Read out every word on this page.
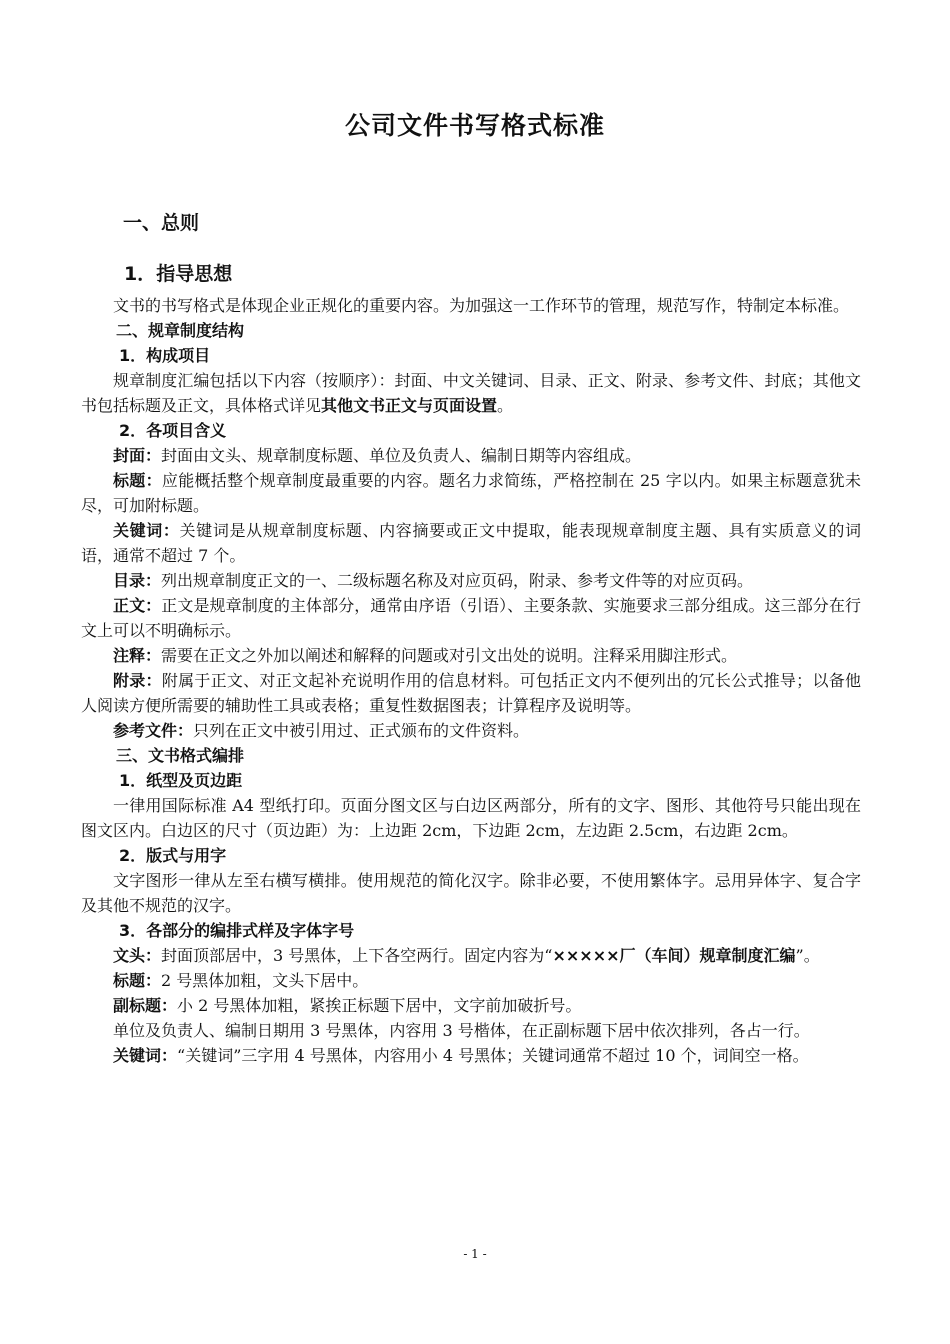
公司文件书写格式标准
一、总则
1．指导思想

文书的书写格式是体现企业正规化的重要内容。为加强这一工作环节的管理，规范写作，特制定本标准。

二、规章制度结构

1．构成项目

规章制度汇编包括以下内容（按顺序）：封面、中文关键词、目录、正文、附录、参考文件、封底；其他文书包括标题及正文，具体格式详见其他文书正文与页面设置。

2．各项目含义

封面：封面由文头、规章制度标题、单位及负责人、编制日期等内容组成。

标题：应能概括整个规章制度最重要的内容。题名力求简练，严格控制在 25 字以内。如果主标题意犹未尽，可加附标题。

关键词：关键词是从规章制度标题、内容摘要或正文中提取，能表现规章制度主题、具有实质意义的词语，通常不超过 7 个。

目录：列出规章制度正文的一、二级标题名称及对应页码，附录、参考文件等的对应页码。

正文：正文是规章制度的主体部分，通常由序语（引语）、主要条款、实施要求三部分组成。这三部分在行文上可以不明确标示。

注释：需要在正文之外加以阐述和解释的问题或对引文出处的说明。注释采用脚注形式。

附录：附属于正文、对正文起补充说明作用的信息材料。可包括正文内不便列出的冗长公式推导；以备他人阅读方便所需要的辅助性工具或表格；重复性数据图表；计算程序及说明等。

参考文件：只列在正文中被引用过、正式颁布的文件资料。

三、文书格式编排

1．纸型及页边距

一律用国际标准 A4 型纸打印。页面分图文区与白边区两部分，所有的文字、图形、其他符号只能出现在图文区内。白边区的尺寸（页边距）为：上边距 2cm，下边距 2cm，左边距 2.5cm，右边距 2cm。

2．版式与用字

文字图形一律从左至右横写横排。使用规范的简化汉字。除非必要，不使用繁体字。忌用异体字、复合字及其他不规范的汉字。

3．各部分的编排式样及字体字号

文头：封面顶部居中，3 号黑体，上下各空两行。固定内容为“×××××厂（车间）规章制度汇编”。

标题：2 号黑体加粗，文头下居中。

副标题：小 2 号黑体加粗，紧挨正标题下居中，文字前加破折号。

单位及负责人、编制日期用 3 号黑体，内容用 3 号楷体，在正副标题下居中依次排列，各占一行。

关键词：“关键词”三字用 4 号黑体，内容用小 4 号黑体；关键词通常不超过 10 个，词间空一格。

- 1 -
